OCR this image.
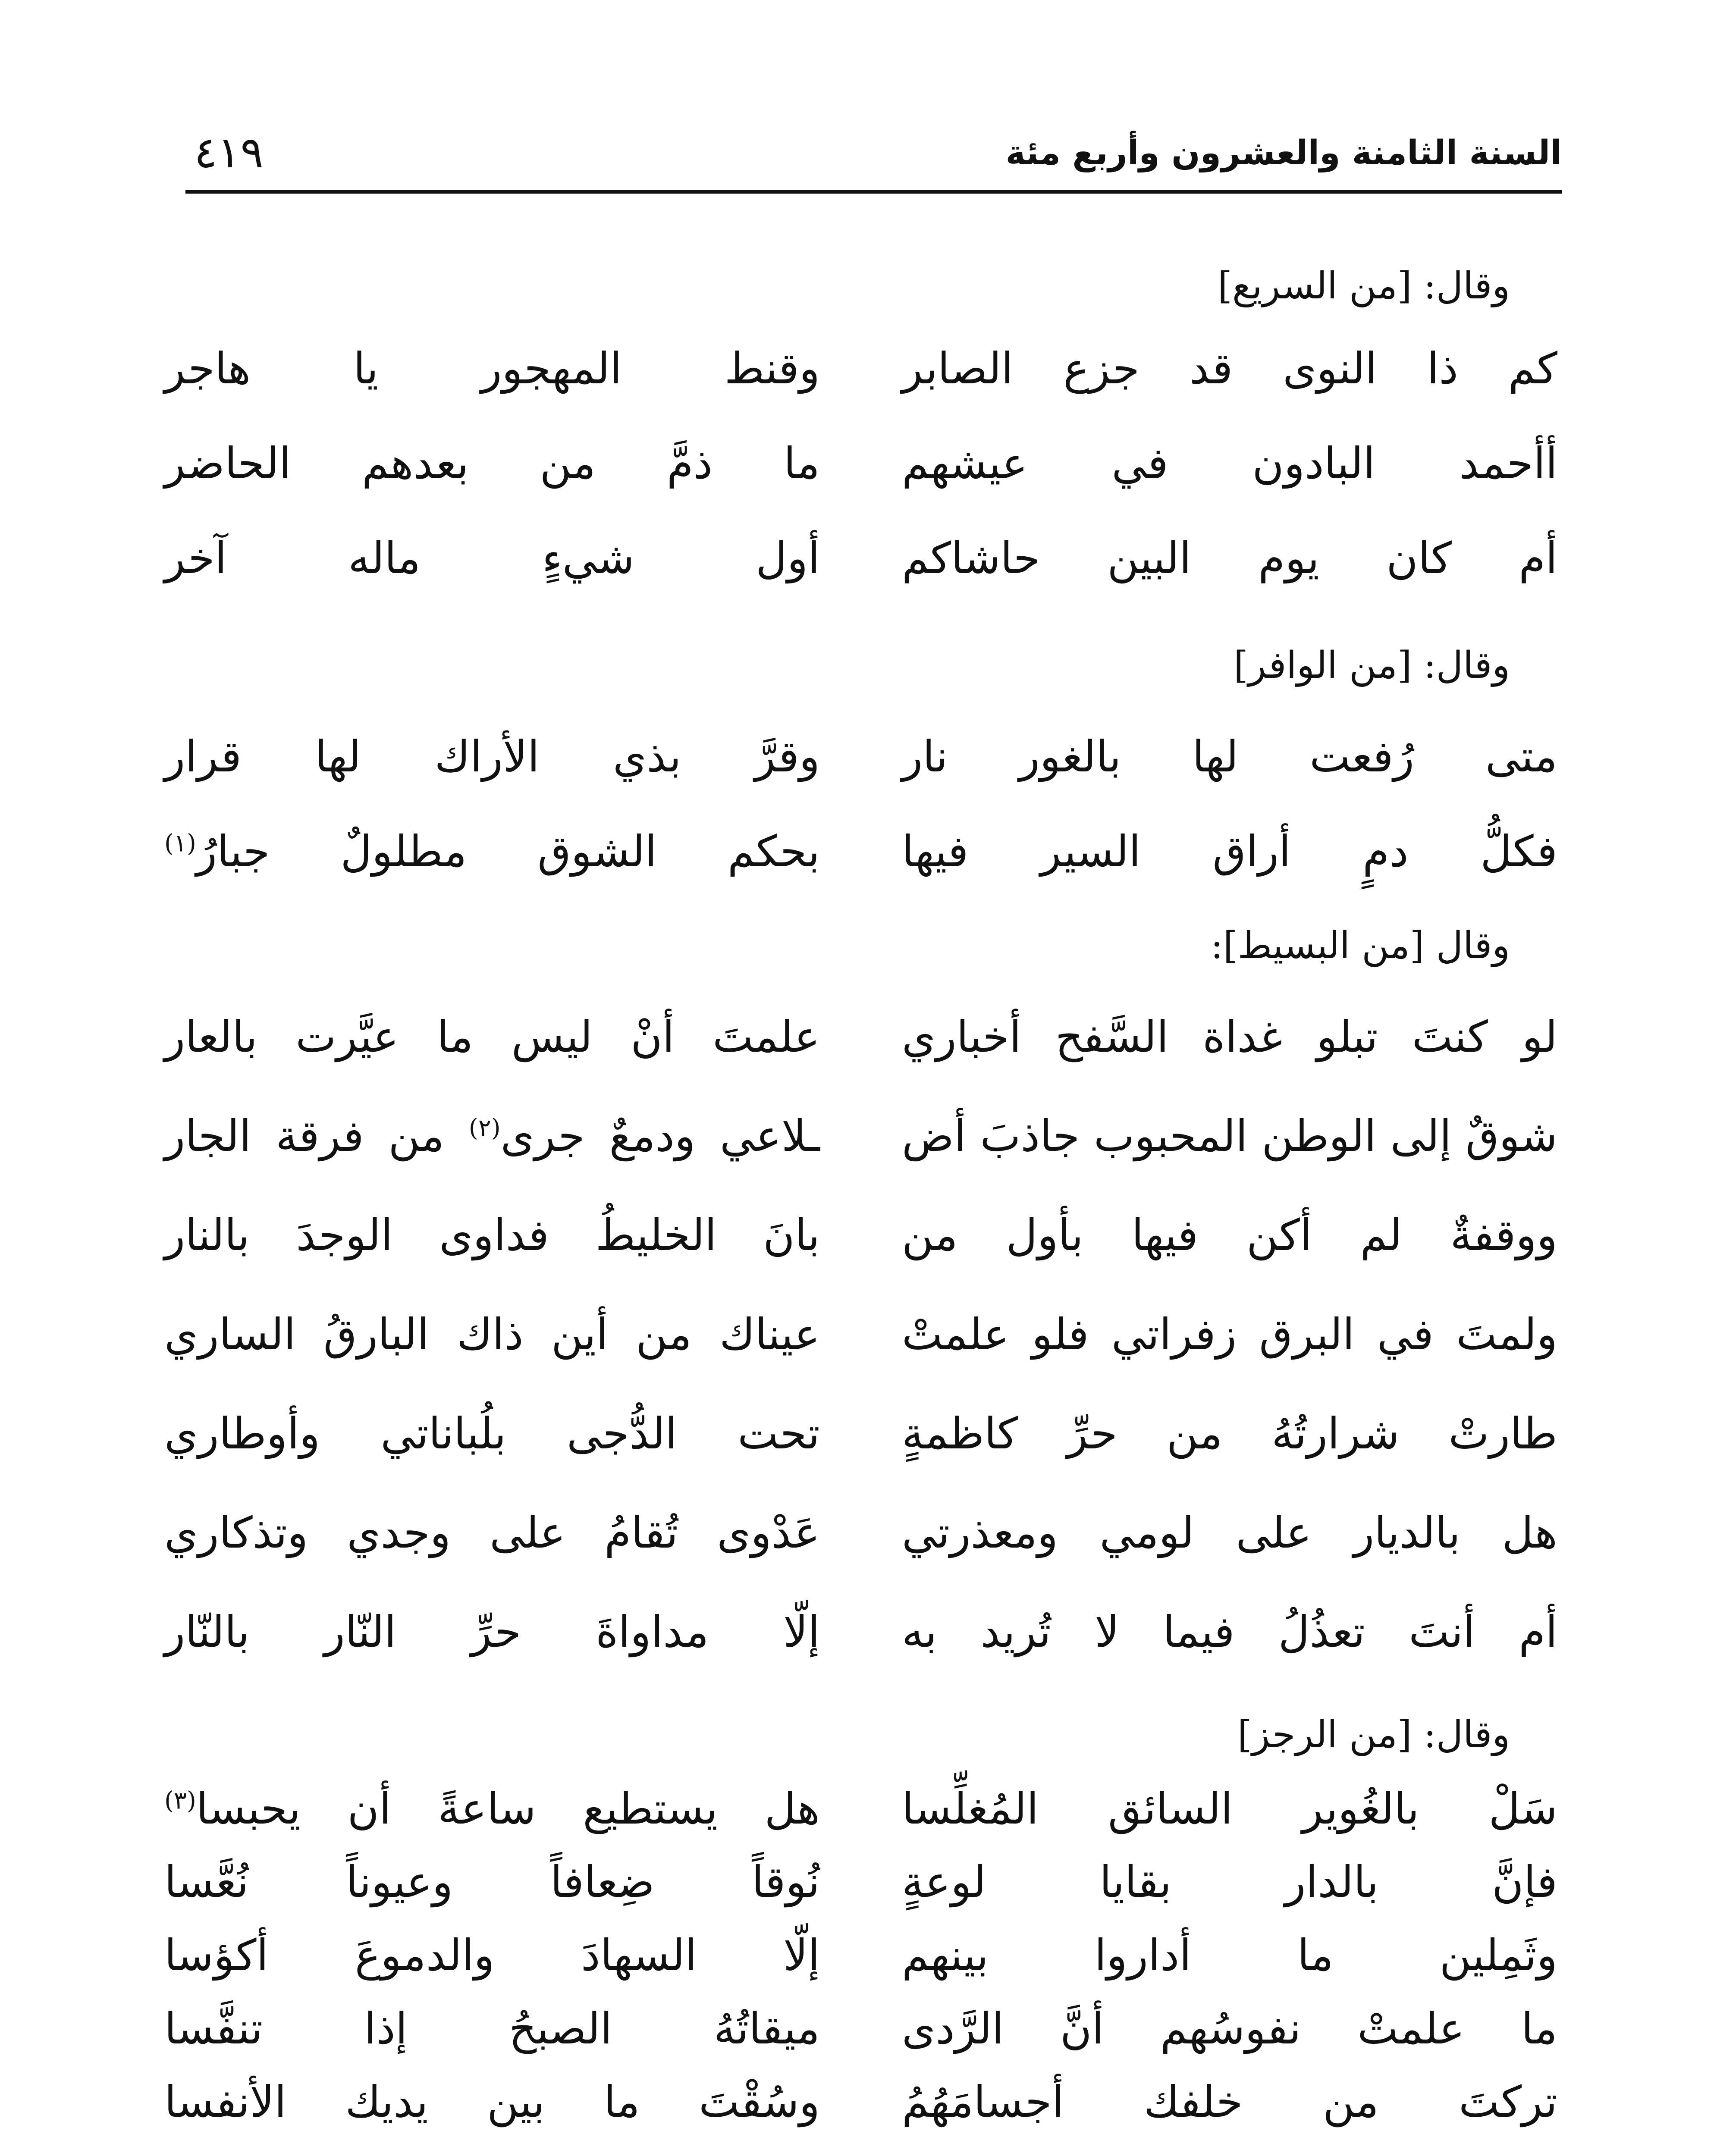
السنة الثامنة والعشرون وأربع مئة
٤١٩
وقال: [من السريع]
كم ذا النوى قد جزع الصابر
وقنط المهجور يا هاجر
أأحمد البادون في عيشهم
ما ذمَّ من بعدهم الحاضر
أم كان يوم البين حاشاكم
أول شيءٍ ماله آخر
وقال: [من الوافر]
متى رُفعت لها بالغور نار
وقرَّ بذي الأراك لها قرار
فكلُّ دمٍ أراق السير فيها
بحكم الشوق مطلولٌ جبارُ$^{(١)}$
وقال [من البسيط]:
لو كنتَ تبلو غداة السَّفح أخباري
علمتَ أنْ ليس ما عيَّرت بالعار
شوقٌ إلى الوطن المحبوب جاذبَ أض
ـلاعي ودمعٌ جرى$^{(٢)}$ من فرقة الجار
ووقفةٌ لم أكن فيها بأول من
بانَ الخليطُ فداوى الوجدَ بالنار
ولمتَ في البرق زفراتي فلو علمتْ
عيناك من أين ذاك البارقُ الساري
طارتْ شرارتُهُ من حرِّ كاظمةٍ
تحت الدُّجى بلُباناتي وأوطاري
هل بالديار على لومي ومعذرتي
عَدْوى تُقامُ على وجدي وتذكاري
أم أنتَ تعذُلُ فيما لا تُريد به
إلّا مداواةَ حرِّ النّار بالنّار
وقال: [من الرجز]
سَلْ بالغُوير السائق المُغلِّسا
هل يستطيع ساعةً أن يحبسا$^{(٣)}$
فإنَّ بالدار بقايا لوعةٍ
نُوقاً ضِعافاً وعيوناً نُعَّسا
وثَمِلين ما أداروا بينهم
إلّا السهادَ والدموعَ أكؤسا
ما علمتْ نفوسُهم أنَّ الرَّدى
ميقاتُهُ الصبحُ إذا تنفَّسا
تركتَ من خلفك أجسامَهُمُ
وسُقْتَ ما بين يديك الأنفسا
